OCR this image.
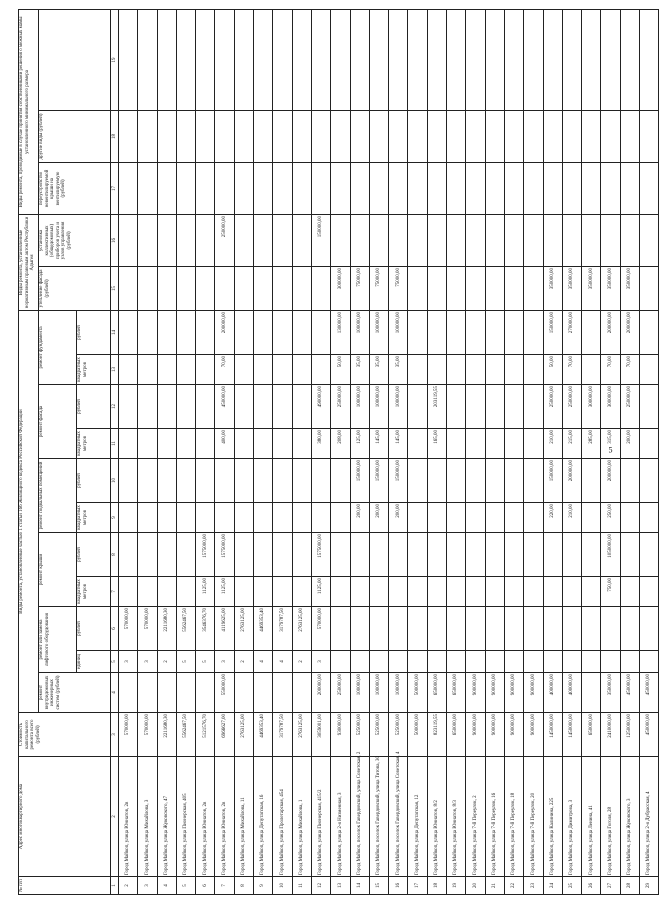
5
№ п/п	Адрес многоквартирного дома	Стоимость капитального ремонта всего (рублей)	Виды ремонта, установленные частью 1 статьи 166 Жилищного кодекса Российской Федерации											Виды ремонта, установленные нормативным правовым актом Республики Адыгея		Виды ремонта, проводимые в случае принятия собственниками решения о межных мамы установленного минимального размера		
			ремонт внутридомовых инженерных систем (рублей)	ремонт или замена лифтового оборудования		ремонт крыши		ремонт подвальных помещений		ремонт фасада		ремонт фундамента		утепление фасада (рублей)	установка коллективных (общедомовых) приборов учета и узлов управления (рублей)	переустройство невентилируемой крыши на вентилируемую (рублей)	другие виды (рублей)	
				единиц	рублей	квадратных метров	рублей	квадратных метров	рублей	квадратных метров	рублей	квадратных метров	рублей					
1	2	3	4	5	6	7	8	9	10	11	12	13	14	15	16	17	18	19
2	Город Майкоп, улица Юннатов, 2в	570000,00		3	570000,00													
3	Город Майкоп, улица Михайлова, 3	570000,00		3	570000,00													
4	Город Майкоп, улица Жуковского, 47	2211680,30		2	2211680,30													
5	Город Майкоп, улица Пионерская, 405	5562467,50		5	5562467,50													
6	Город Майкоп, улица Юннатов, 2в	5121576,70		5	3546376,70	1125,00	1575000,00											
7	Город Майкоп, улица Юннатов, 2в	6966627,00	550000,00	3	4119625,00	1125,00	1575000,00			400,00	450000,00	70,00	200000,00		250000,00			
8	Город Майкоп, улица Михайлова, 11	2763125,00		2	2763125,00													
9	Город Майкоп, улица Депутатская, 16	4469353,40		4	4469353,40													
10	Город Майкоп, улица Пролетарская, 454	3179787,50		4	3179787,50													
11	Город Майкоп, улица Михайлова, 1	2763125,00		2	2763125,00													
12	Город Майкоп, улица Пионерская, 415/2	3059001,00	200000,00	3	570000,00	1125,00	1575000,00			380,00	490000,00				150000,00			
13	Город Майкоп, улица 2-я Низменная, 3	930000,00	250000,00							208,00	250000,00	50,00	130000,00	300000,00				
14	Город Майкоп, поселок Гавердовский, улица Советская, 2	525000,00	100000,00					200,00	150000,00	125,00	100000,00	35,00	100000,00	75000,00				
15	Город Майкоп, поселок Гавердовский, улица Титова, 30	525000,00	100000,00					200,00	150000,00	145,00	100000,00	35,00	100000,00	75000,00				
16	Город Майкоп, поселок Гавердовский, улица Советская, 4	525000,00	100000,00					200,00	150000,00	145,00	100000,00	35,00	100000,00	75000,00				
17	Город Майкоп, улица Депутатская, 12	500000,00	500000,00															
18	Город Майкоп, улица Юннатов, 8/2	823119,55	650000,00							165,00	203119,55							
19	Город Майкоп, улица Юннатов, 8/3	650000,00	650000,00															
20	Город Майкоп, улица 7-й Переулок, 2	900000,00	900000,00															
21	Город Майкоп, улица 7-й Переулок, 16	900000,00	900000,00															
22	Город Майкоп, улица 7-й Переулок, 18	900000,00	900000,00															
23	Город Майкоп, улица 7-й Переулок, 20	900000,00	900000,00															
24	Город Майкоп, улица Калинина, 225	1450000,00	400000,00					220,00	150000,00	210,00	250000,00	50,00	150000,00	350000,00				
25	Город Майкоп, улица Димитрова, 3	1450000,00	400000,00					210,00	200000,00	215,00	250000,00	70,00	270000,00	350000,00				
26	Город Майкоп, улица Ленина, 41	650000,00								285,00	300000,00			350000,00				
27	Город Майкоп, улица Гоголя, 28	2410000,00	350000,00			750,00	1050000,00	250,00	200000,00	315,00	300000,00	70,00	200000,00	350000,00				
28	Город Майкоп, улица Жуковского, 3	1250000,00	450000,00							200,00	250000,00	70,00	200000,00	350000,00				
29	Город Майкоп, улица 2-я Дубрасская, 4	450000,00	450000,00															
